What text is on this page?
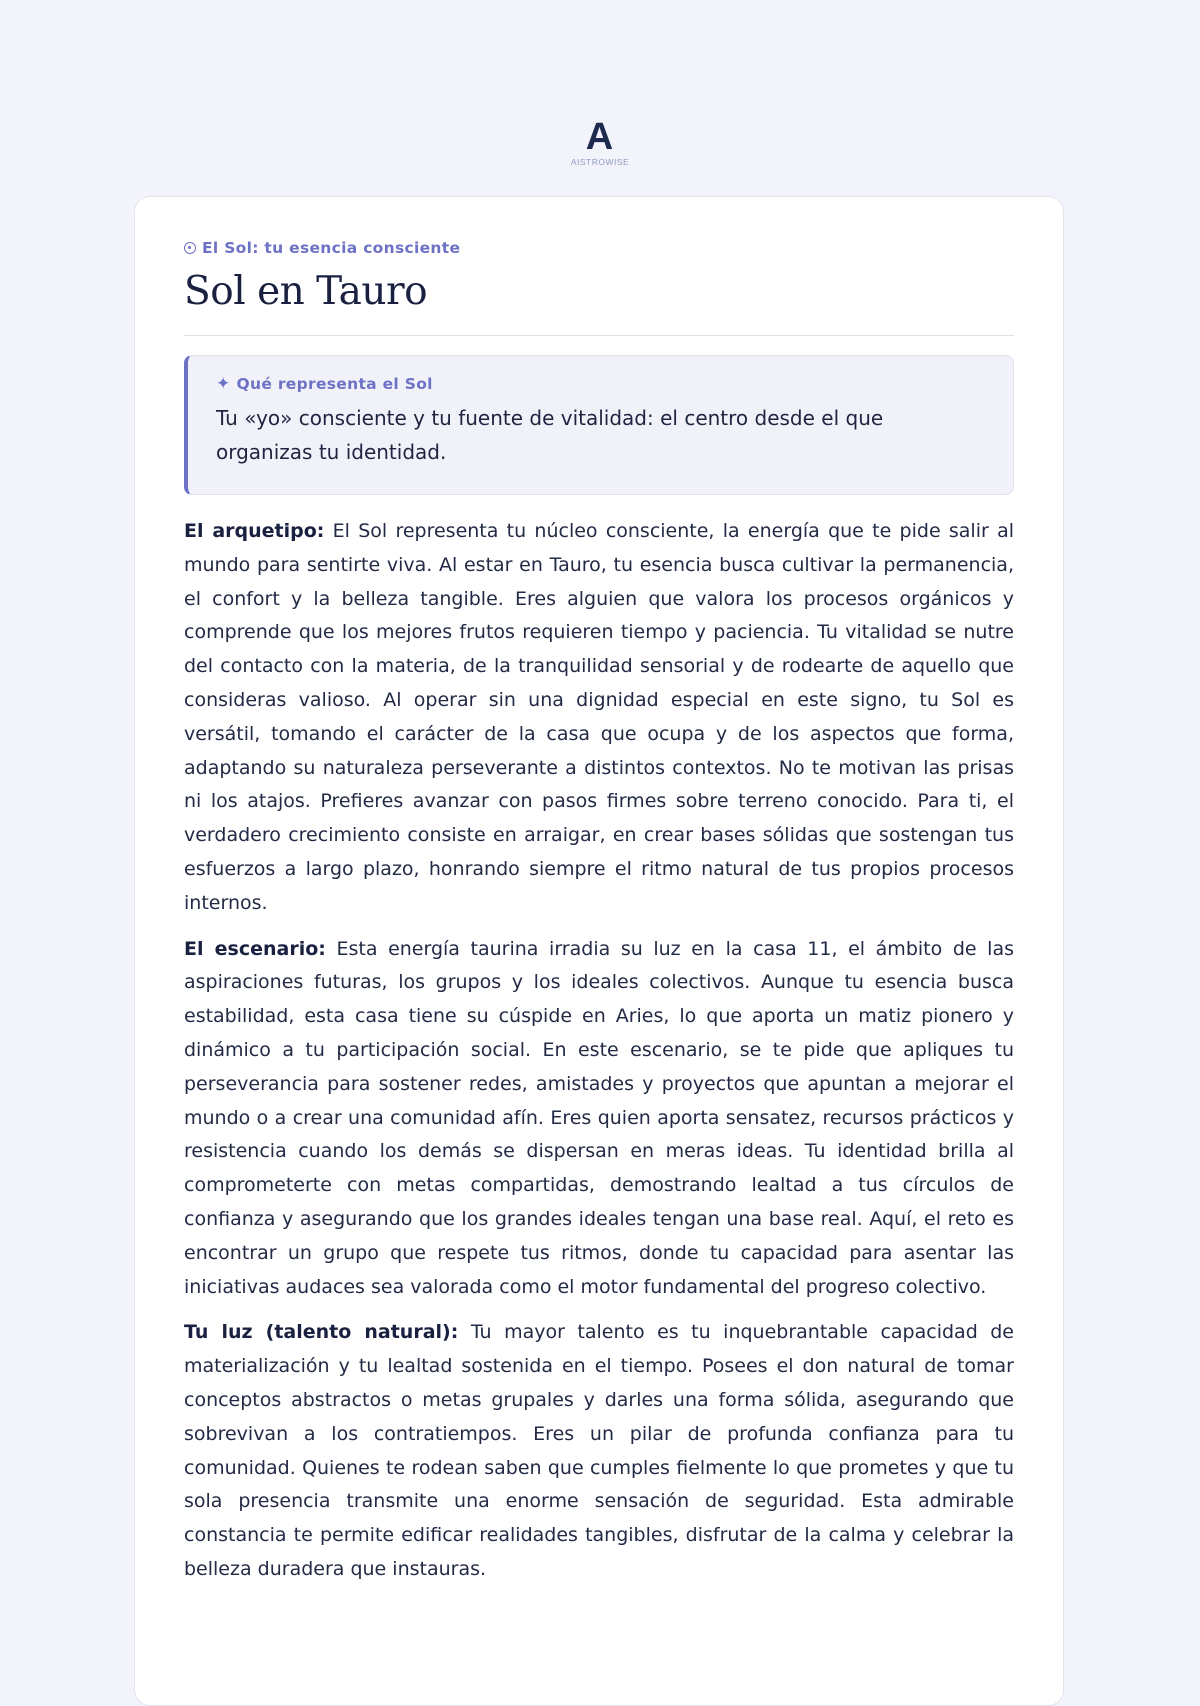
A
AISTROWISE
El Sol: tu esencia consciente
Sol en Tauro
✦ Qué representa el Sol
Tu «yo» consciente y tu fuente de vitalidad: el centro desde el que organizas tu identidad.

El arquetipo: El Sol representa tu núcleo consciente, la energía que te pide salir al mundo para sentirte viva. Al estar en Tauro, tu esencia busca cultivar la permanencia, el confort y la belleza tangible. Eres alguien que valora los procesos orgánicos y comprende que los mejores frutos requieren tiempo y paciencia. Tu vitalidad se nutre del contacto con la materia, de la tranquilidad sensorial y de rodearte de aquello que consideras valioso. Al operar sin una dignidad especial en este signo, tu Sol es versátil, tomando el carácter de la casa que ocupa y de los aspectos que forma, adaptando su naturaleza perseverante a distintos contextos. No te motivan las prisas ni los atajos. Prefieres avanzar con pasos firmes sobre terreno conocido. Para ti, el verdadero crecimiento consiste en arraigar, en crear bases sólidas que sostengan tus esfuerzos a largo plazo, honrando siempre el ritmo natural de tus propios procesos internos.

El escenario: Esta energía taurina irradia su luz en la casa 11, el ámbito de las aspiraciones futuras, los grupos y los ideales colectivos. Aunque tu esencia busca estabilidad, esta casa tiene su cúspide en Aries, lo que aporta un matiz pionero y dinámico a tu participación social. En este escenario, se te pide que apliques tu perseverancia para sostener redes, amistades y proyectos que apuntan a mejorar el mundo o a crear una comunidad afín. Eres quien aporta sensatez, recursos prácticos y resistencia cuando los demás se dispersan en meras ideas. Tu identidad brilla al comprometerte con metas compartidas, demostrando lealtad a tus círculos de confianza y asegurando que los grandes ideales tengan una base real. Aquí, el reto es encontrar un grupo que respete tus ritmos, donde tu capacidad para asentar las iniciativas audaces sea valorada como el motor fundamental del progreso colectivo.

Tu luz (talento natural): Tu mayor talento es tu inquebrantable capacidad de materialización y tu lealtad sostenida en el tiempo. Posees el don natural de tomar conceptos abstractos o metas grupales y darles una forma sólida, asegurando que sobrevivan a los contratiempos. Eres un pilar de profunda confianza para tu comunidad. Quienes te rodean saben que cumples fielmente lo que prometes y que tu sola presencia transmite una enorme sensación de seguridad. Esta admirable constancia te permite edificar realidades tangibles, disfrutar de la calma y celebrar la belleza duradera que instauras.
